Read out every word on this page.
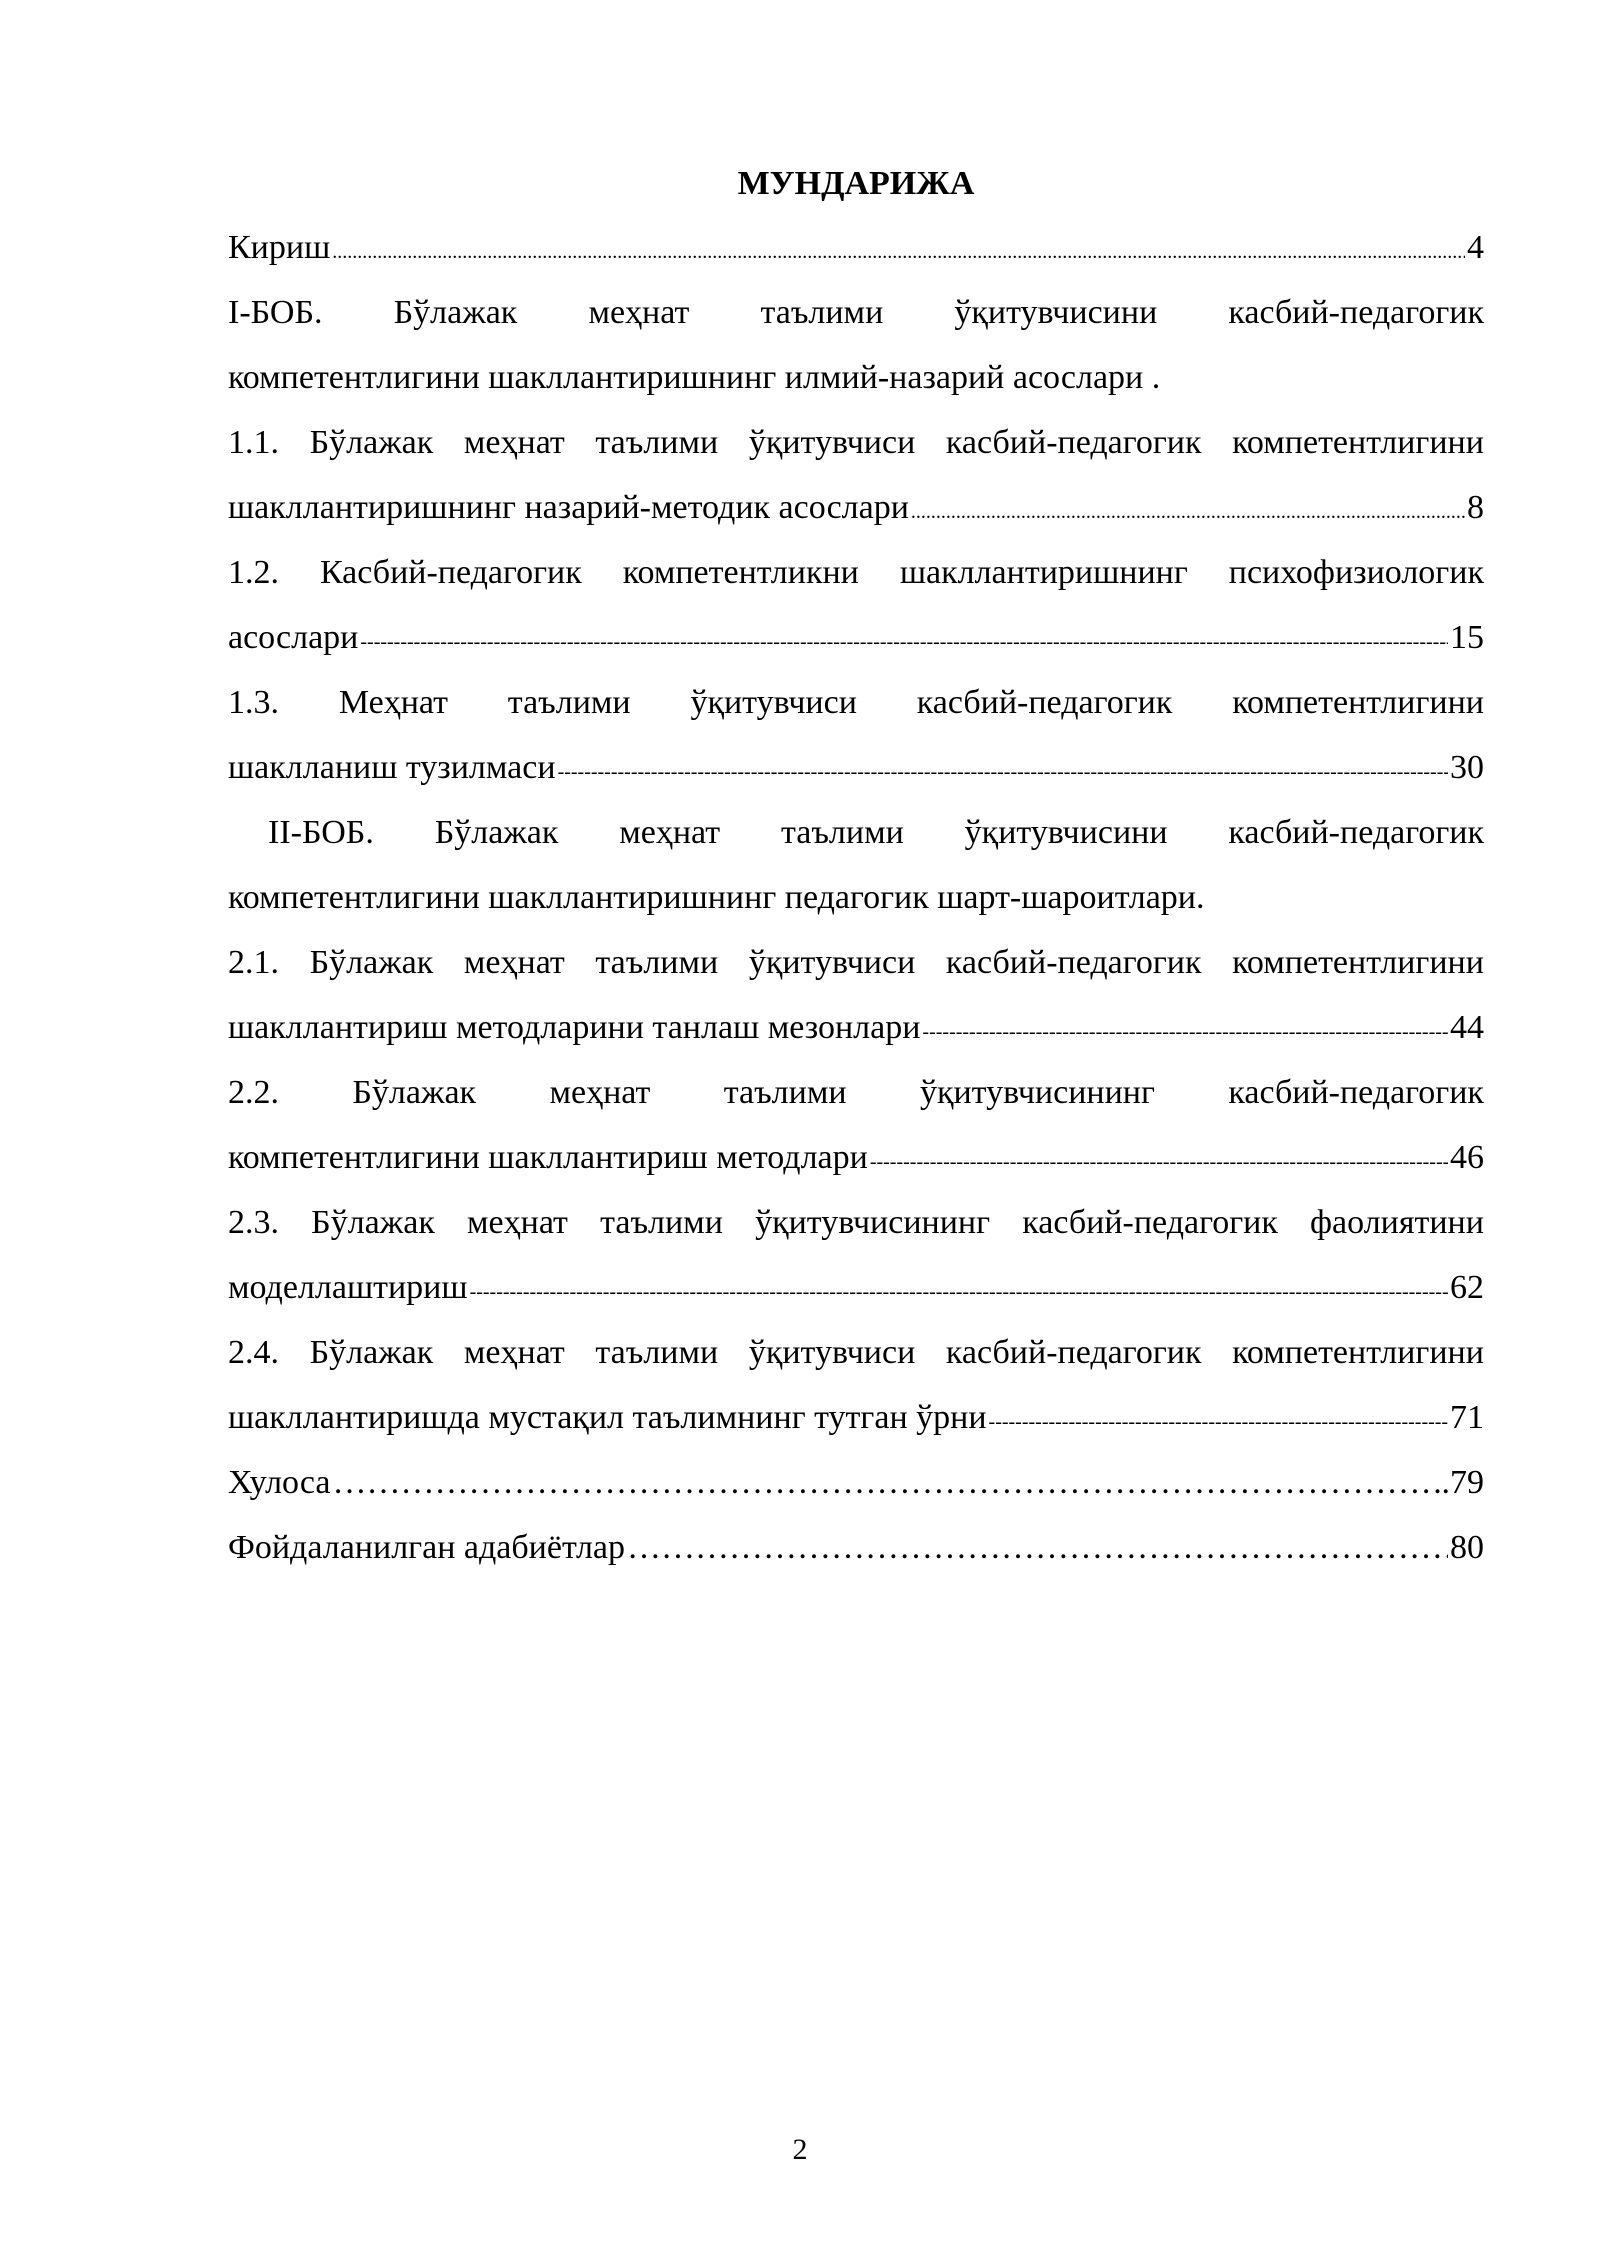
МУНДАРИЖА
Кириш .....	4
I-БОБ. Бўлажак меҳнат таълими ўқитувчисини касбий-педагогик
компетентлигини шакллантиришнинг илмий-назарий асослари .
1.1. Бўлажак меҳнат таълими ўқитувчиси касбий-педагогик компетентлигини
шакллантиришнинг назарий-методик асослари .....	8
1.2. Касбий-педагогик компетентликни шакллантиришнинг психофизиологик
асослари -----	15
1.3. Меҳнат таълими ўқитувчиси касбий-педагогик компетентлигини
шаклланиш тузилмаси -----	30
II-БОБ. Бўлажак меҳнат таълими ўқитувчисини касбий-педагогик
компетентлигини шакллантиришнинг педагогик шарт-шароитлари.
2.1. Бўлажак меҳнат таълими ўқитувчиси касбий-педагогик компетентлигини
шакллантириш методларини танлаш мезонлари -----	44
2.2. Бўлажак меҳнат таълими ўқитувчисининг касбий-педагогик
компетентлигини шакллантириш методлари -----	46
2.3. Бўлажак меҳнат таълими ўқитувчисининг касбий-педагогик фаолиятини
моделлаштириш -----	62
2.4. Бўлажак меҳнат таълими ўқитувчиси касбий-педагогик компетентлигини
шакллантиришда мустақил таълимнинг тутган ўрни -----	71
Хулоса …………………………………………………………………………………………………………………………………………………………………………………………………………	.79
Фойдаланилган адабиётлар …………………………………………………………………………………………………………………………………………………………………………………………………………	80
2
